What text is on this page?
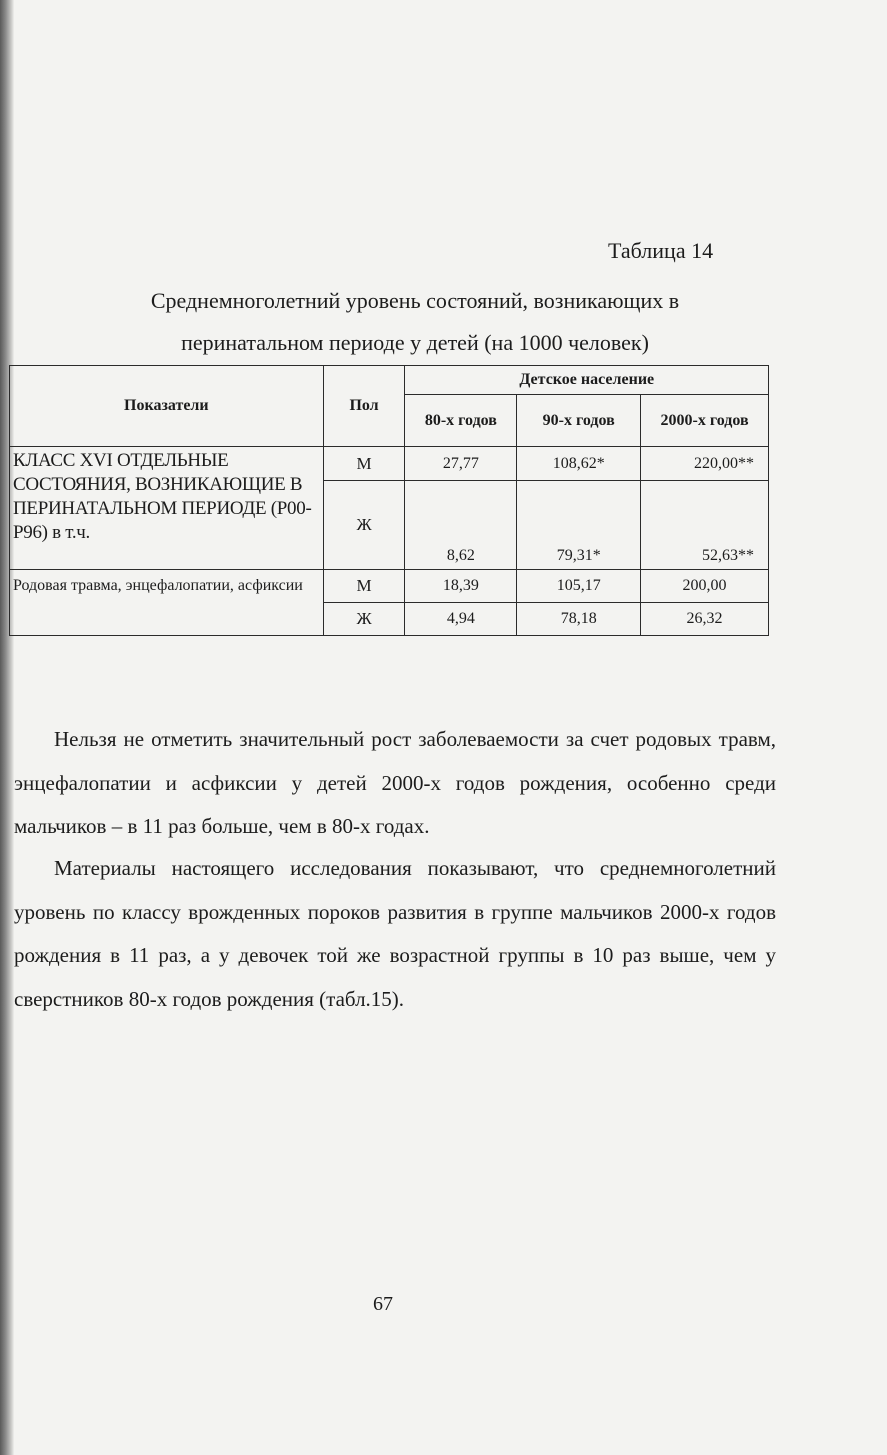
Таблица 14
Среднемноголетний уровень состояний, возникающих в
перинатальном периоде у детей (на 1000 человек)
Показатели	Пол	Детское население		
		80-х годов	90-х годов	2000-х годов
КЛАСС XVI ОТДЕЛЬНЫЕ СОСТОЯНИЯ, ВОЗНИКАЮЩИЕ В ПЕРИНАТАЛЬНОМ ПЕРИОДЕ (Р00-Р96) в т.ч.	М	27,77	108,62*	220,00**
	Ж	8,62	79,31*	52,63**
Родовая травма, энцефалопатии, асфиксии	М	18,39	105,17	200,00
	Ж	4,94	78,18	26,32

Нельзя не отметить значительный рост заболеваемости за счет родовых травм, энцефалопатии и асфиксии у детей 2000-х годов рождения, особенно среди мальчиков – в 11 раз больше, чем в 80-х годах.

Материалы настоящего исследования показывают, что среднемноголетний уровень по классу врожденных пороков развития в группе мальчиков 2000-х годов рождения в 11 раз, а у девочек той же возрастной группы в 10 раз выше, чем у сверстников 80-х годов рождения (табл.15).

67
